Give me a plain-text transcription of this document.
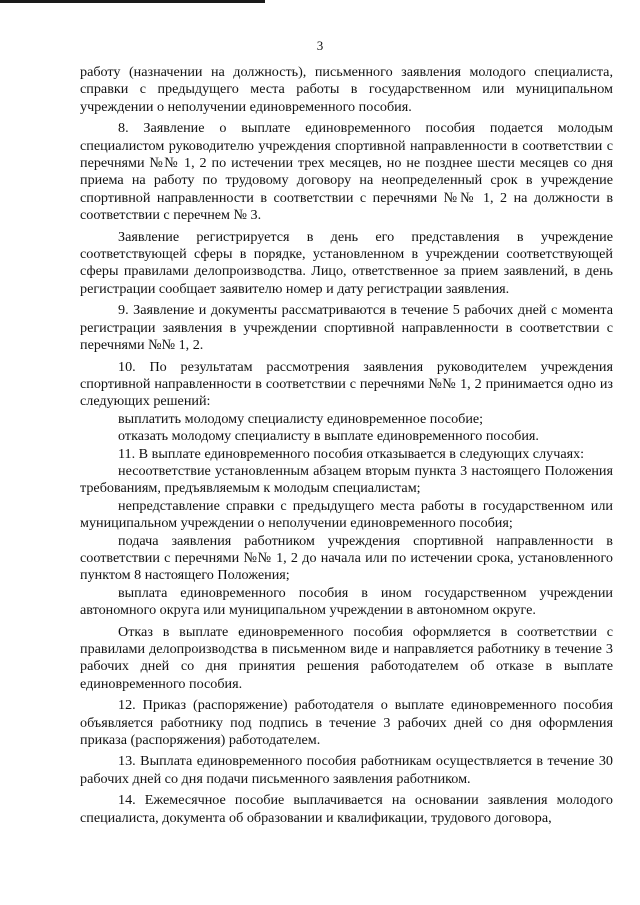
3

работу (назначении на должность), письменного заявления молодого специалиста, справки с предыдущего места работы в государственном или муниципальном учреждении о неполучении единовременного пособия.

8. Заявление о выплате единовременного пособия подается молодым специалистом руководителю учреждения спортивной направленности в соответствии с перечнями №№ 1, 2 по истечении трех месяцев, но не позднее шести месяцев со дня приема на работу по трудовому договору на неопределенный срок в учреждение спортивной направленности в соответствии с перечнями №№ 1, 2 на должности в соответствии с перечнем № 3.

Заявление регистрируется в день его представления в учреждение соответствующей сферы в порядке, установленном в учреждении соответствующей сферы правилами делопроизводства. Лицо, ответственное за прием заявлений, в день регистрации сообщает заявителю номер и дату регистрации заявления.

9. Заявление и документы рассматриваются в течение 5 рабочих дней с момента регистрации заявления в учреждении спортивной направленности в соответствии с перечнями №№ 1, 2.

10. По результатам рассмотрения заявления руководителем учреждения спортивной направленности в соответствии с перечнями №№ 1, 2 принимается одно из следующих решений:

выплатить молодому специалисту единовременное пособие;

отказать молодому специалисту в выплате единовременного пособия.

11. В выплате единовременного пособия отказывается в следующих случаях:

несоответствие установленным абзацем вторым пункта 3 настоящего Положения требованиям, предъявляемым к молодым специалистам;

непредставление справки с предыдущего места работы в государственном или муниципальном учреждении о неполучении единовременного пособия;

подача заявления работником учреждения спортивной направленности в соответствии с перечнями №№ 1, 2 до начала или по истечении срока, установленного пунктом 8 настоящего Положения;

выплата единовременного пособия в ином государственном учреждении автономного округа или муниципальном учреждении в автономном округе.

Отказ в выплате единовременного пособия оформляется в соответствии с правилами делопроизводства в письменном виде и направляется работнику в течение 3 рабочих дней со дня принятия решения работодателем об отказе в выплате единовременного пособия.

12. Приказ (распоряжение) работодателя о выплате единовременного пособия объявляется работнику под подпись в течение 3 рабочих дней со дня оформления приказа (распоряжения) работодателем.

13. Выплата единовременного пособия работникам осуществляется в течение 30 рабочих дней со дня подачи письменного заявления работником.

14. Ежемесячное пособие выплачивается на основании заявления молодого специалиста, документа об образовании и квалификации, трудового договора,
